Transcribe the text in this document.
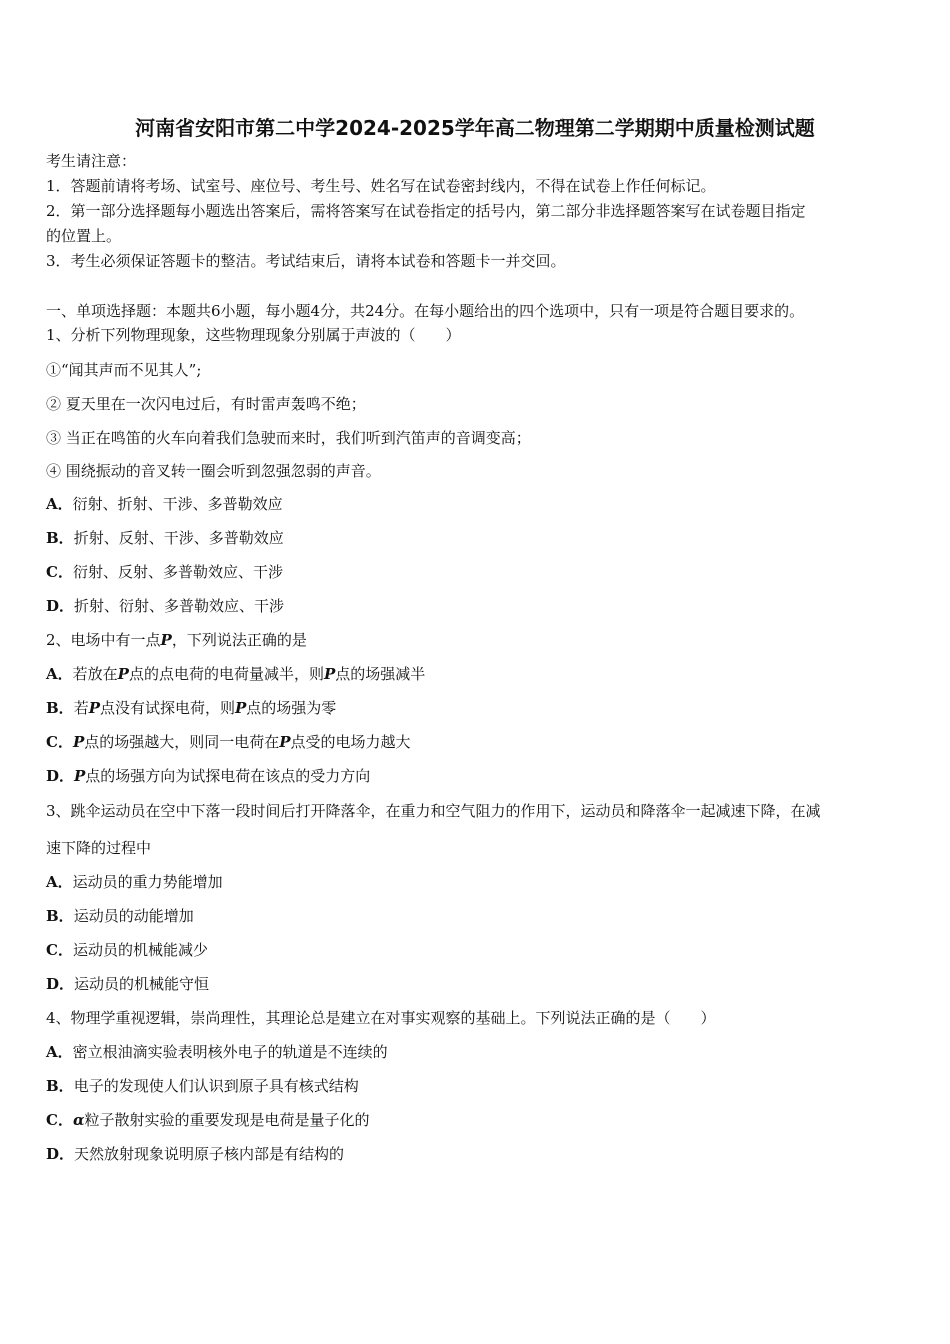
河南省安阳市第二中学2024-2025学年高二物理第二学期期中质量检测试题
考生请注意：
1．答题前请将考场、试室号、座位号、考生号、姓名写在试卷密封线内，不得在试卷上作任何标记。
2．第一部分选择题每小题选出答案后，需将答案写在试卷指定的括号内，第二部分非选择题答案写在试卷题目指定
的位置上。
3．考生必须保证答题卡的整洁。考试结束后，请将本试卷和答题卡一并交回。
一、单项选择题：本题共6小题，每小题4分，共24分。在每小题给出的四个选项中，只有一项是符合题目要求的。
1、分析下列物理现象，这些物理现象分别属于声波的（　　）
①“闻其声而不见其人”;
② 夏天里在一次闪电过后，有时雷声轰鸣不绝；
③ 当正在鸣笛的火车向着我们急驶而来时，我们听到汽笛声的音调变高；
④ 围绕振动的音叉转一圈会听到忽强忽弱的声音。
A．衍射、折射、干涉、多普勒效应
B．折射、反射、干涉、多普勒效应
C．衍射、反射、多普勒效应、干涉
D．折射、衍射、多普勒效应、干涉
2、电场中有一点P，下列说法正确的是
A．若放在P点的点电荷的电荷量减半，则P点的场强减半
B．若P点没有试探电荷，则P点的场强为零
C．P点的场强越大，则同一电荷在P点受的电场力越大
D．P点的场强方向为试探电荷在该点的受力方向
3、跳伞运动员在空中下落一段时间后打开降落伞，在重力和空气阻力的作用下，运动员和降落伞一起减速下降，在减
速下降的过程中
A．运动员的重力势能增加
B．运动员的动能增加
C．运动员的机械能减少
D．运动员的机械能守恒
4、物理学重视逻辑，崇尚理性，其理论总是建立在对事实观察的基础上。下列说法正确的是（　　）
A．密立根油滴实验表明核外电子的轨道是不连续的
B．电子的发现使人们认识到原子具有核式结构
C．α粒子散射实验的重要发现是电荷是量子化的
D．天然放射现象说明原子核内部是有结构的
